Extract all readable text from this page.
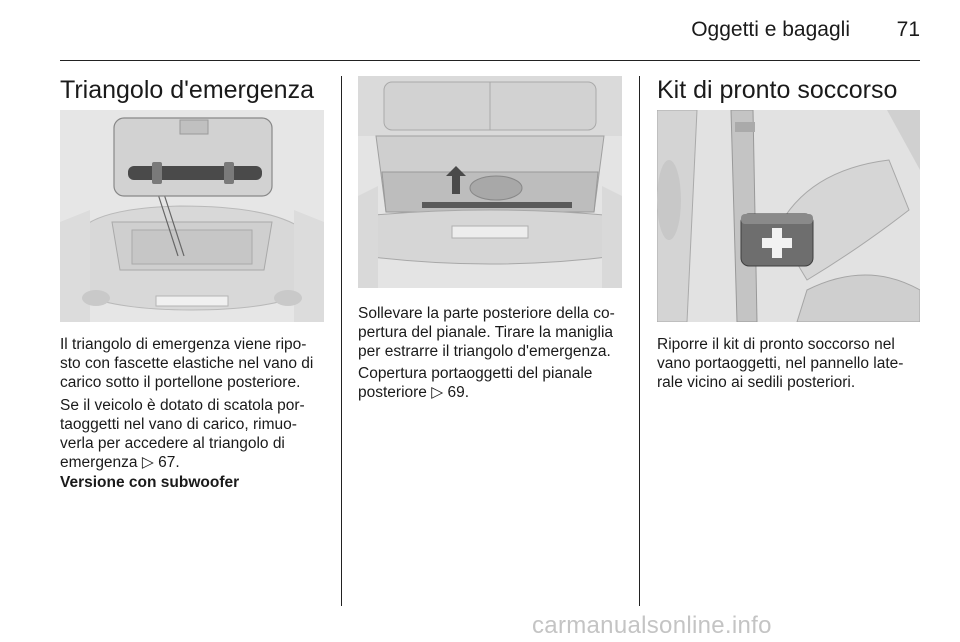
Oggetti e bagagli	71
Triangolo d'emergenza

Il triangolo di emergenza viene ripo-
sto con fascette elastiche nel vano di
carico sotto il portellone posteriore.

Se il veicolo è dotato di scatola por-
taoggetti nel vano di carico, rimuo-
verla per accedere al triangolo di
emergenza ▷ 67.

Versione con subwoofer

Sollevare la parte posteriore della co-
pertura del pianale. Tirare la maniglia
per estrarre il triangolo d'emergenza.

Copertura portaoggetti del pianale
posteriore ▷ 69.

Kit di pronto soccorso

Riporre il kit di pronto soccorso nel
vano portaoggetti, nel pannello late-
rale vicino ai sedili posteriori.

carmanualsonline.info
